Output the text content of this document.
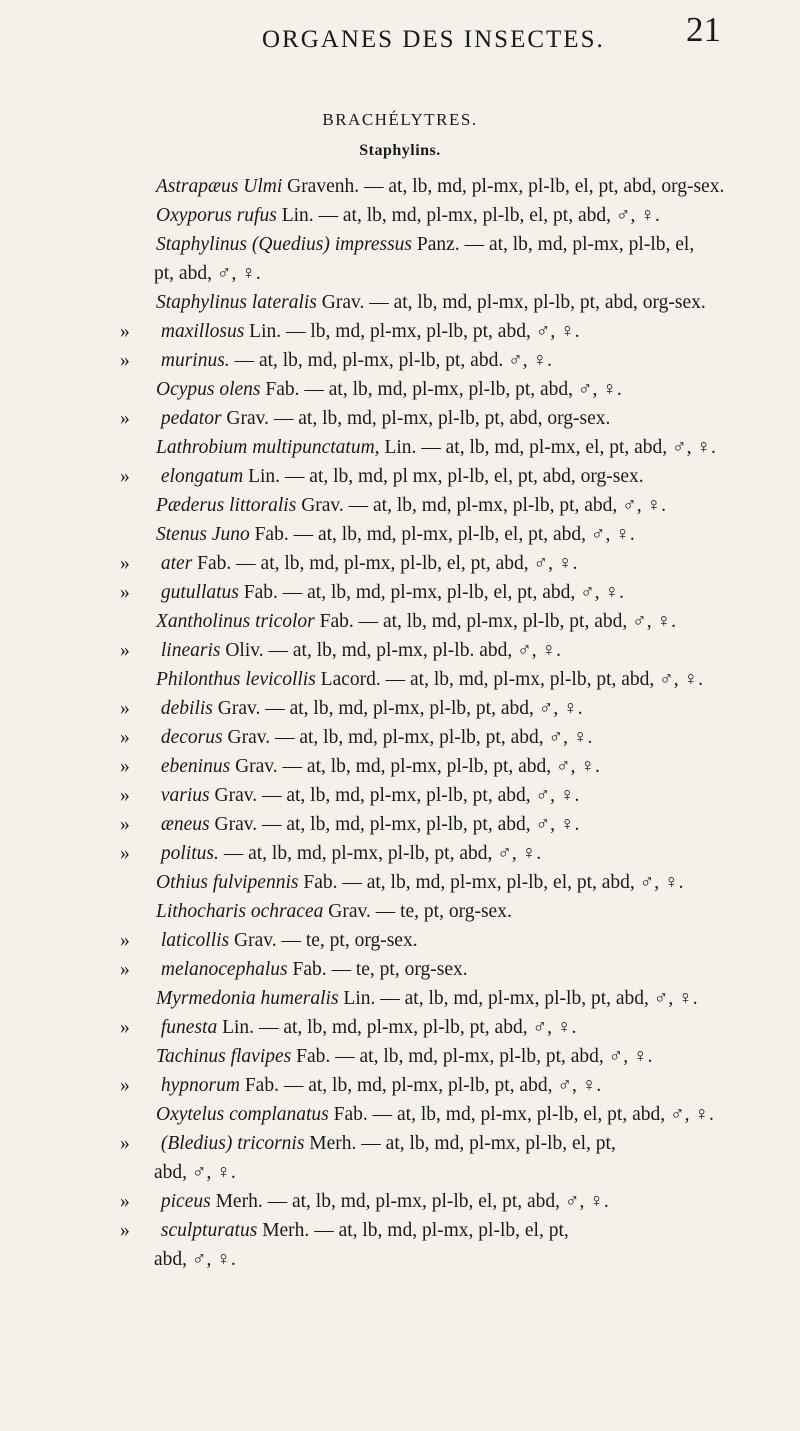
ORGANES DES INSECTES. 21
BRACHÉLYTRES.
Staphylins.
Astrapæus Ulmi Gravenh. — at, lb, md, pl-mx, pl-lb, el, pt, abd, org-sex.
Oxyporus rufus Lin. — at, lb, md, pl-mx, pl-lb, el, pt, abd, ♂, ♀.
Staphylinus (Quedius) impressus Panz. — at, lb, md, pl-mx, pl-lb, el,
pt, abd, ♂, ♀.
Staphylinus lateralis Grav. — at, lb, md, pl-mx, pl-lb, pt, abd, org-sex.
» maxillosus Lin. — lb, md, pl-mx, pl-lb, pt, abd, ♂, ♀.
» murinus. — at, lb, md, pl-mx, pl-lb, pt, abd. ♂, ♀.
Ocypus olens Fab. — at, lb, md, pl-mx, pl-lb, pt, abd, ♂, ♀.
» pedator Grav. — at, lb, md, pl-mx, pl-lb, pt, abd, org-sex.
Lathrobium multipunctatum, Lin. — at, lb, md, pl-mx, el, pt, abd, ♂, ♀.
» elongatum Lin. — at, lb, md, pl mx, pl-lb, el, pt, abd, org-sex.
Pæderus littoralis Grav. — at, lb, md, pl-mx, pl-lb, pt, abd, ♂, ♀.
Stenus Juno Fab. — at, lb, md, pl-mx, pl-lb, el, pt, abd, ♂, ♀.
» ater Fab. — at, lb, md, pl-mx, pl-lb, el, pt, abd, ♂, ♀.
» gutullatus Fab. — at, lb, md, pl-mx, pl-lb, el, pt, abd, ♂, ♀.
Xantholinus tricolor Fab. — at, lb, md, pl-mx, pl-lb, pt, abd, ♂, ♀.
» linearis Oliv. — at, lb, md, pl-mx, pl-lb. abd, ♂, ♀.
Philonthus levicollis Lacord. — at, lb, md, pl-mx, pl-lb, pt, abd, ♂, ♀.
» debilis Grav. — at, lb, md, pl-mx, pl-lb, pt, abd, ♂, ♀.
» decorus Grav. — at, lb, md, pl-mx, pl-lb, pt, abd, ♂, ♀.
» ebeninus Grav. — at, lb, md, pl-mx, pl-lb, pt, abd, ♂, ♀.
» varius Grav. — at, lb, md, pl-mx, pl-lb, pt, abd, ♂, ♀.
» æneus Grav. — at, lb, md, pl-mx, pl-lb, pt, abd, ♂, ♀.
» politus. — at, lb, md, pl-mx, pl-lb, pt, abd, ♂, ♀.
Othius fulvipennis Fab. — at, lb, md, pl-mx, pl-lb, el, pt, abd, ♂, ♀.
Lithocharis ochracea Grav. — te, pt, org-sex.
» laticollis Grav. — te, pt, org-sex.
» melanocephalus Fab. — te, pt, org-sex.
Myrmedonia humeralis Lin. — at, lb, md, pl-mx, pl-lb, pt, abd, ♂, ♀.
» funesta Lin. — at, lb, md, pl-mx, pl-lb, pt, abd, ♂, ♀.
Tachinus flavipes Fab. — at, lb, md, pl-mx, pl-lb, pt, abd, ♂, ♀.
» hypnorum Fab. — at, lb, md, pl-mx, pl-lb, pt, abd, ♂, ♀.
Oxytelus complanatus Fab. — at, lb, md, pl-mx, pl-lb, el, pt, abd, ♂, ♀.
» (Bledius) tricornis Merh. — at, lb, md, pl-mx, pl-lb, el, pt,
abd, ♂, ♀.
» piceus Merh. — at, lb, md, pl-mx, pl-lb, el, pt, abd, ♂, ♀.
» sculpturatus Merh. — at, lb, md, pl-mx, pl-lb, el, pt,
abd, ♂, ♀.
